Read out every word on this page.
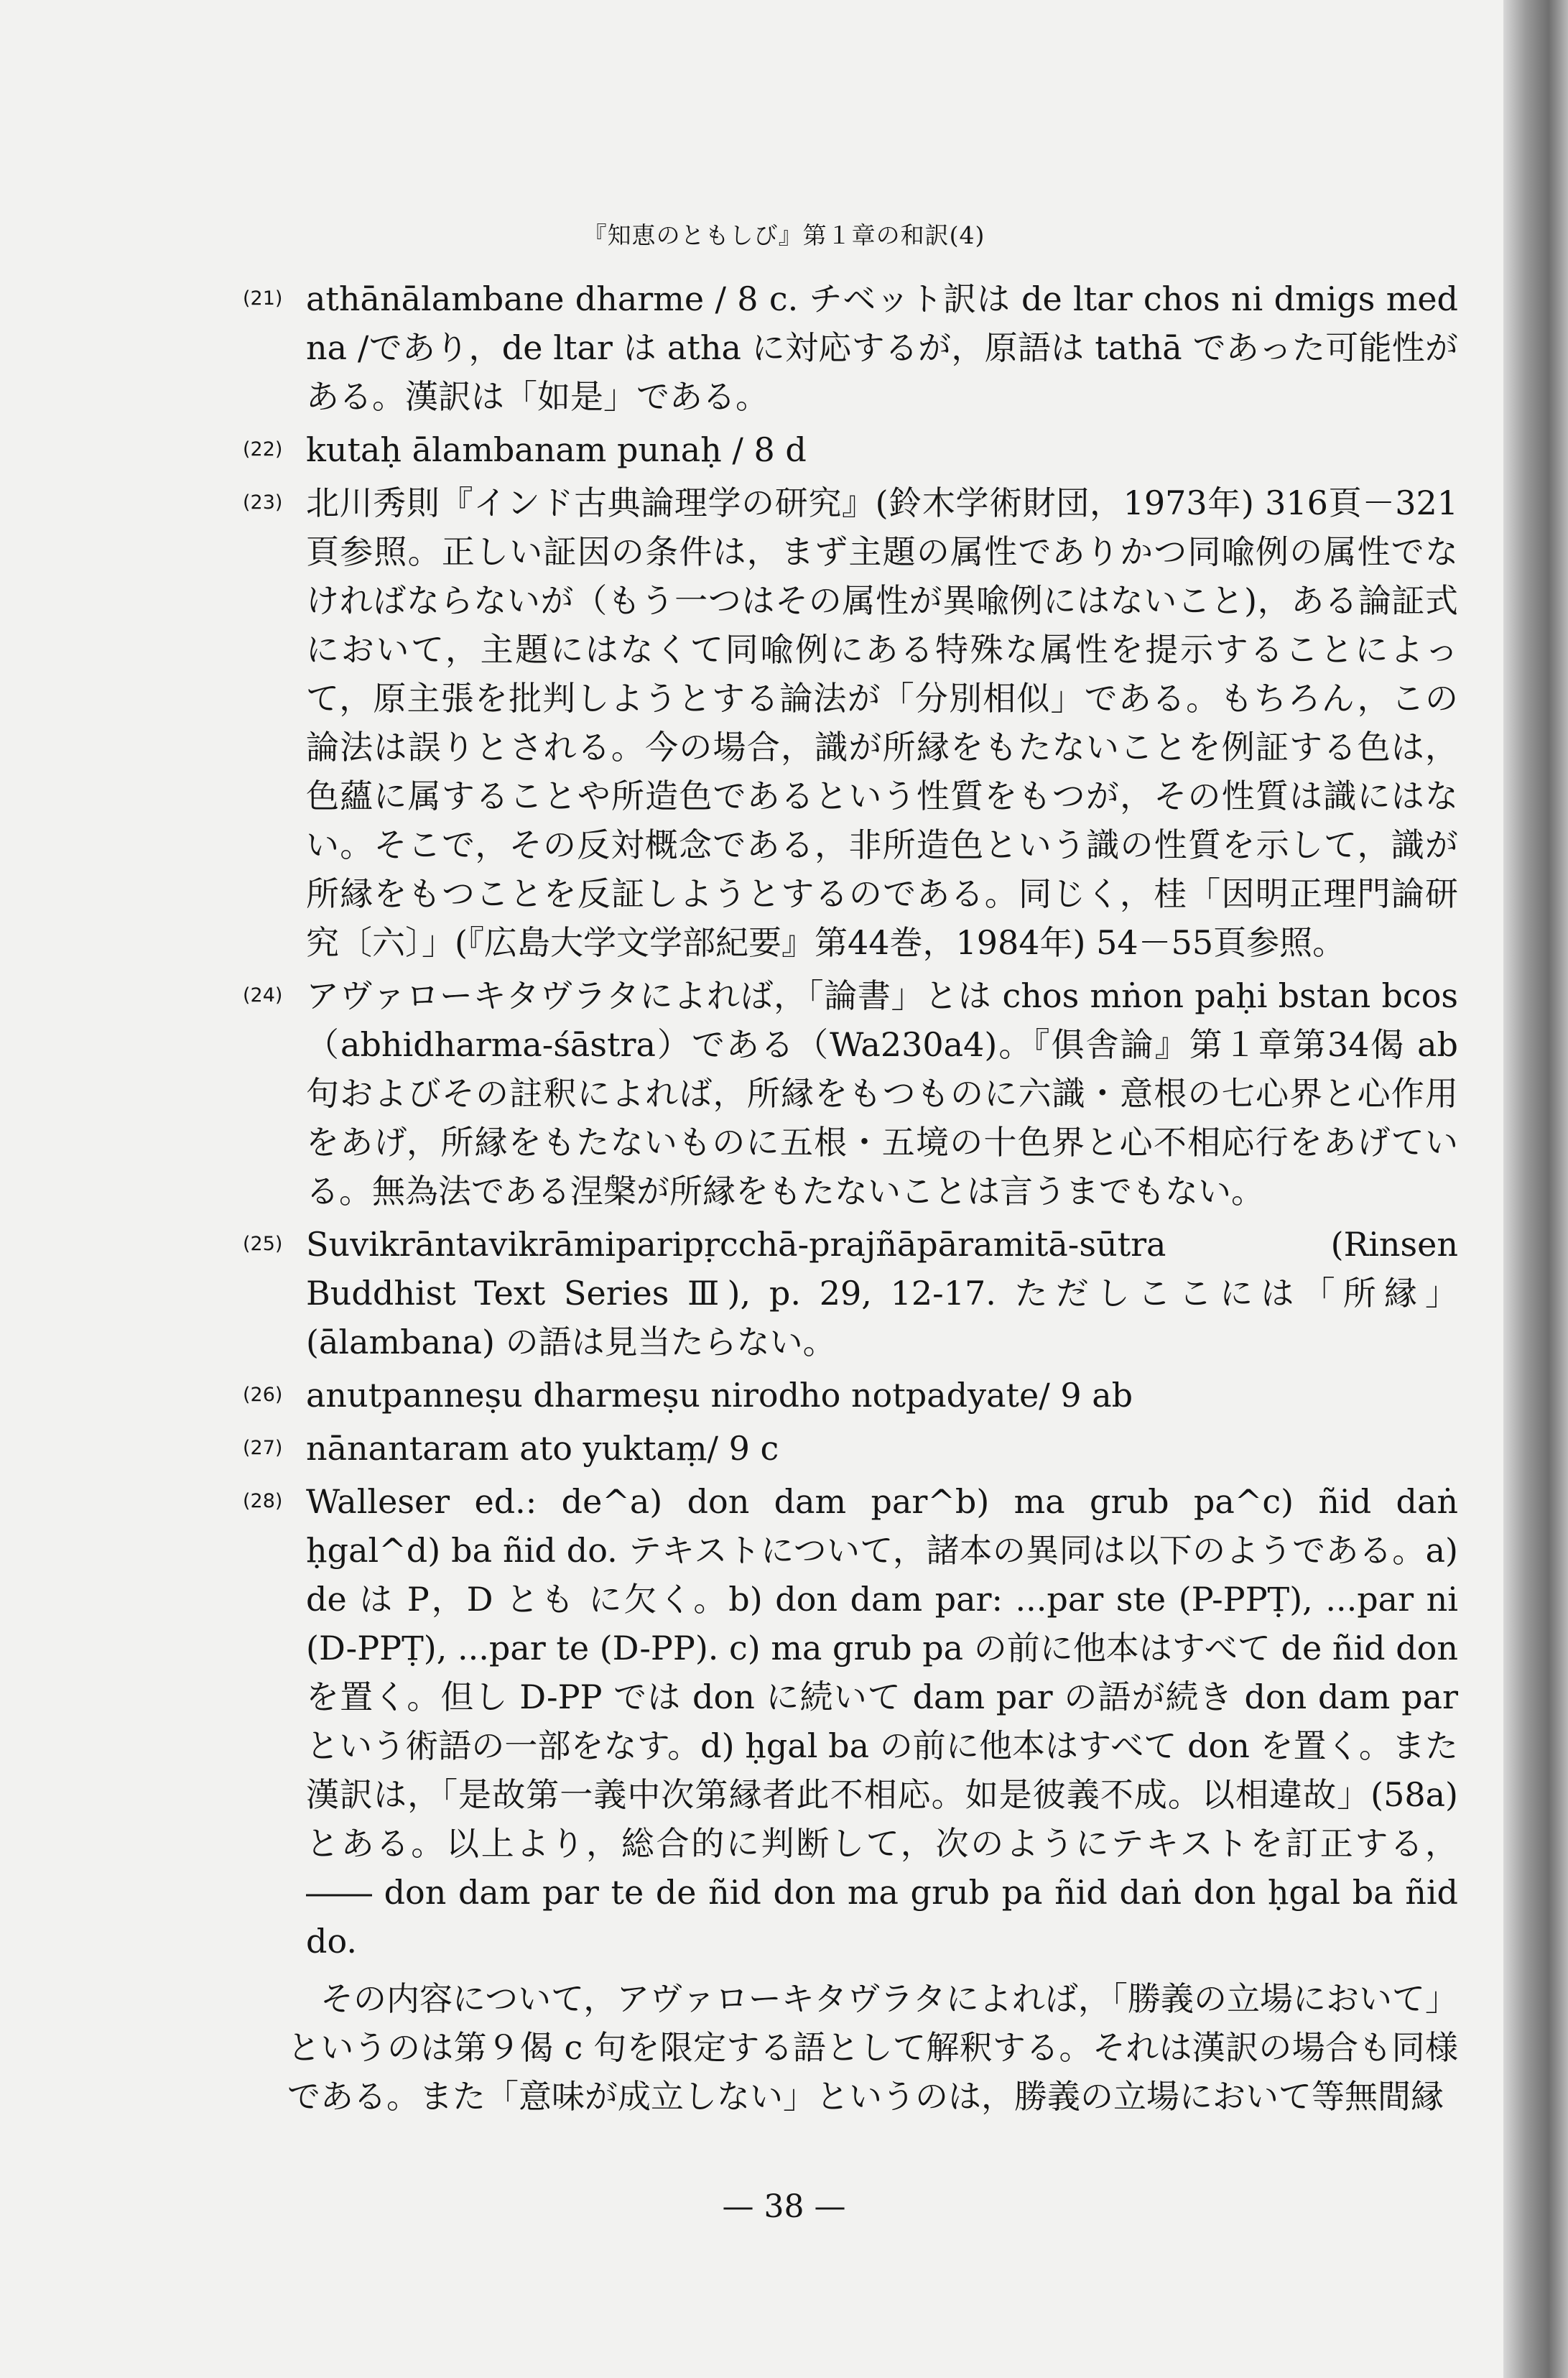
『知恵のともしび』第１章の和訳(4)
(21) athānālambane dharme / 8 c. チベット訳は de ltar chos ni dmigs med na /であり，de ltar は atha に対応するが，原語は tathā であった可能性がある。漢訳は「如是」である。
(22) kutaḥ ālambanam punaḥ / 8 d
(23) 北川秀則『インド古典論理学の研究』(鈴木学術財団，1973年) 316頁－321頁参照。正しい証因の条件は，まず主題の属性でありかつ同喩例の属性でなければならないが（もう一つはその属性が異喩例にはないこと)，ある論証式において，主題にはなくて同喩例にある特殊な属性を提示することによって，原主張を批判しようとする論法が「分別相似」である。もちろん，この論法は誤りとされる。今の場合，識が所縁をもたないことを例証する色は，色蘊に属することや所造色であるという性質をもつが，その性質は識にはない。そこで，その反対概念である，非所造色という識の性質を示して，識が所縁をもつことを反証しようとするのである。同じく，桂「因明正理門論研究〔六〕」(『広島大学文学部紀要』第44巻，1984年) 54－55頁参照。
(24) アヴァローキタヴラタによれば，「論書」とは chos mṅon paḥi bstan bcos（abhidharma-śāstra）である（Wa230a4)。『俱舎論』第１章第34偈 ab 句およびその註釈によれば，所縁をもつものに六識・意根の七心界と心作用をあげ，所縁をもたないものに五根・五境の十色界と心不相応行をあげている。無為法である涅槃が所縁をもたないことは言うまでもない。
(25) Suvikrāntavikrāmiparipṛcchā-prajñāpāramitā-sūtra (Rinsen Buddhist Text Series Ⅲ), p. 29, 12-17. ただしここには「所縁」(ālambana) の語は見当たらない。
(26) anutpanneṣu dharmeṣu nirodho notpadyate/ 9 ab
(27) nānantaram ato yuktaṃ/ 9 c
(28) Walleser ed.: de^a) don dam par^b) ma grub pa^c) ñid daṅ ḥgal^d) ba ñid do. テキストについて，諸本の異同は以下のようである。a) de は P，D とも に欠く。b) don dam par: ...par ste (P-PPṬ), ...par ni (D-PPṬ), ...par te (D-PP). c) ma grub pa の前に他本はすべて de ñid don を置く。但し D-PP では don に続いて dam par の語が続き don dam par という術語の一部をなす。d) ḥgal ba の前に他本はすべて don を置く。また漢訳は，「是故第一義中次第縁者此不相応。如是彼義不成。以相違故」(58a) とある。以上より，総合的に判断して，次のようにテキストを訂正する，―― don dam par te de ñid don ma grub pa ñid daṅ don ḥgal ba ñid do.
その内容について，アヴァローキタヴラタによれば，「勝義の立場において」というのは第９偈 c 句を限定する語として解釈する。それは漢訳の場合も同様である。また「意味が成立しない」というのは，勝義の立場において等無間縁
— 38 —
